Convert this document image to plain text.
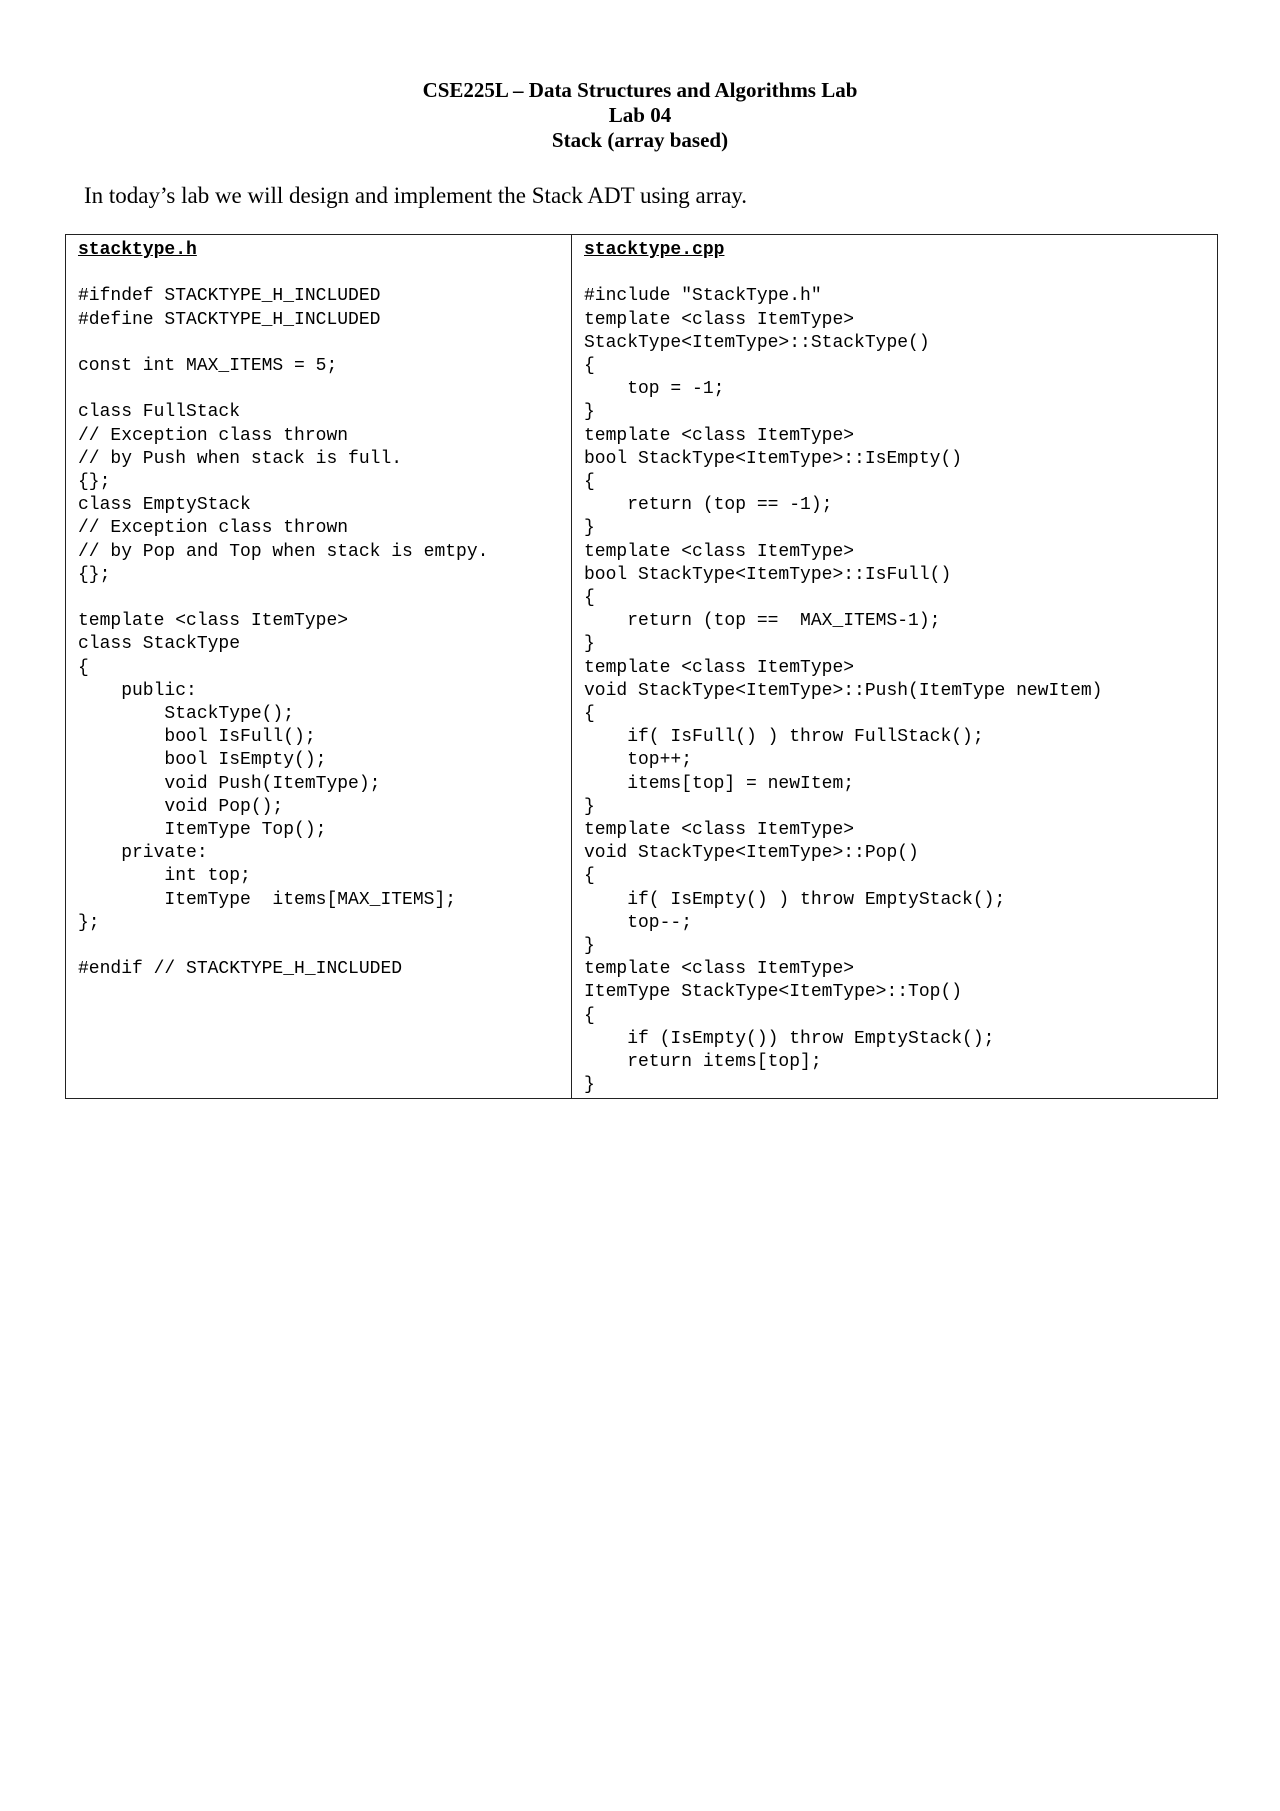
CSE225L – Data Structures and Algorithms Lab
Lab 04
Stack (array based)

In today’s lab we will design and implement the Stack ADT using array.

stacktype.h
#ifndef STACKTYPE_H_INCLUDED
#define STACKTYPE_H_INCLUDED

const int MAX_ITEMS = 5;

class FullStack
// Exception class thrown
// by Push when stack is full.
{};
class EmptyStack
// Exception class thrown
// by Pop and Top when stack is emtpy.
{};

template <class ItemType>
class StackType
{
public:
StackType();
bool IsFull();
bool IsEmpty();
void Push(ItemType);
void Pop();
ItemType Top();
private:
int top;
ItemType  items[MAX_ITEMS];
};

#endif // STACKTYPE_H_INCLUDED

stacktype.cpp
#include "StackType.h"
template <class ItemType>
StackType<ItemType>::StackType()
{
top = -1;
}
template <class ItemType>
bool StackType<ItemType>::IsEmpty()
{
return (top == -1);
}
template <class ItemType>
bool StackType<ItemType>::IsFull()
{
return (top ==  MAX_ITEMS-1);
}
template <class ItemType>
void StackType<ItemType>::Push(ItemType newItem)
{
if( IsFull() ) throw FullStack();
top++;
items[top] = newItem;
}
template <class ItemType>
void StackType<ItemType>::Pop()
{
if( IsEmpty() ) throw EmptyStack();
top--;
}
template <class ItemType>
ItemType StackType<ItemType>::Top()
{
if (IsEmpty()) throw EmptyStack();
return items[top];
}
